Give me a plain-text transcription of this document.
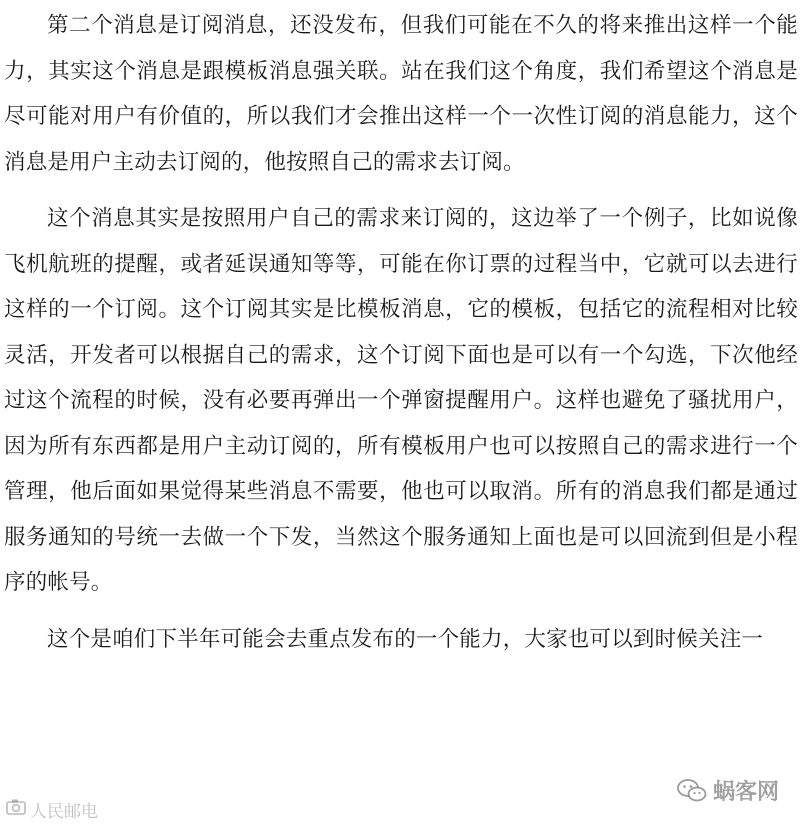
第二个消息是订阅消息，还没发布，但我们可能在不久的将来推出这样一个能力，其实这个消息是跟模板消息强关联。站在我们这个角度，我们希望这个消息是尽可能对用户有价值的，所以我们才会推出这样一个一次性订阅的消息能力，这个消息是用户主动去订阅的，他按照自己的需求去订阅。

这个消息其实是按照用户自己的需求来订阅的，这边举了一个例子，比如说像飞机航班的提醒，或者延误通知等等，可能在你订票的过程当中，它就可以去进行这样的一个订阅。这个订阅其实是比模板消息，它的模板，包括它的流程相对比较灵活，开发者可以根据自己的需求，这个订阅下面也是可以有一个勾选，下次他经过这个流程的时候，没有必要再弹出一个弹窗提醒用户。这样也避免了骚扰用户，因为所有东西都是用户主动订阅的，所有模板用户也可以按照自己的需求进行一个管理，他后面如果觉得某些消息不需要，他也可以取消。所有的消息我们都是通过服务通知的号统一去做一个下发，当然这个服务通知上面也是可以回流到但是小程序的帐号。

这个是咱们下半年可能会去重点发布的一个能力，大家也可以到时候关注一

人民邮电
蜗客网
